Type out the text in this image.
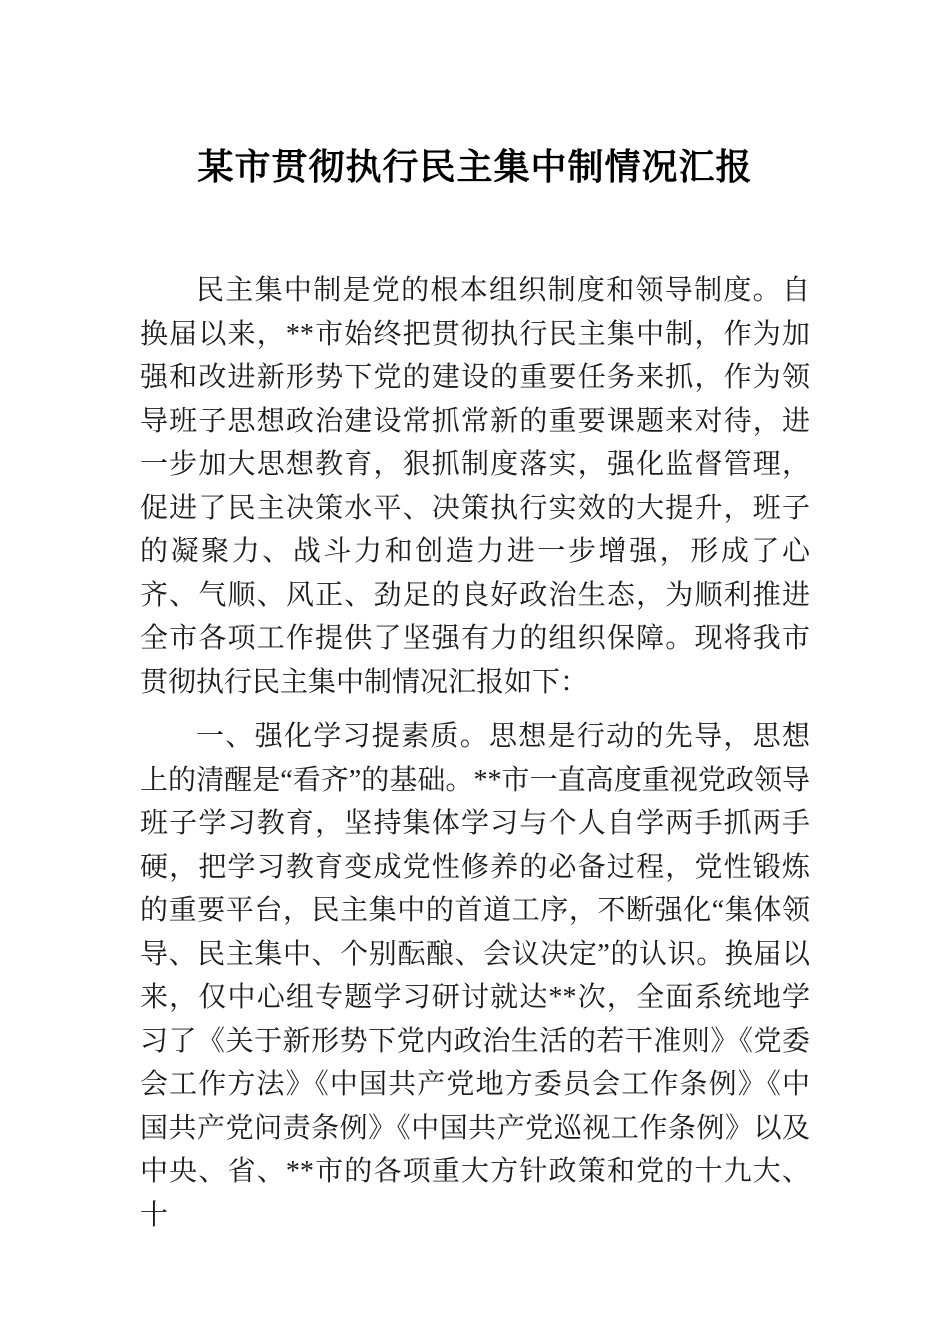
某市贯彻执行民主集中制情况汇报

民主集中制是党的根本组织制度和领导制度。自换届以来，**市始终把贯彻执行民主集中制，作为加强和改进新形势下党的建设的重要任务来抓，作为领导班子思想政治建设常抓常新的重要课题来对待，进一步加大思想教育，狠抓制度落实，强化监督管理，促进了民主决策水平、决策执行实效的大提升，班子的凝聚力、战斗力和创造力进一步增强，形成了心齐、气顺、风正、劲足的良好政治生态，为顺利推进全市各项工作提供了坚强有力的组织保障。现将我市贯彻执行民主集中制情况汇报如下：

一、强化学习提素质。思想是行动的先导，思想上的清醒是“看齐”的基础。**市一直高度重视党政领导班子学习教育，坚持集体学习与个人自学两手抓两手硬，把学习教育变成党性修养的必备过程，党性锻炼的重要平台，民主集中的首道工序，不断强化“集体领导、民主集中、个别酝酿、会议决定”的认识。换届以来，仅中心组专题学习研讨就达**次，全面系统地学习了《关于新形势下党内政治生活的若干准则》《党委会工作方法》《中国共产党地方委员会工作条例》《中国共产党问责条例》《中国共产党巡视工作条例》以及中央、省、**市的各项重大方针政策和党的十九大、十
